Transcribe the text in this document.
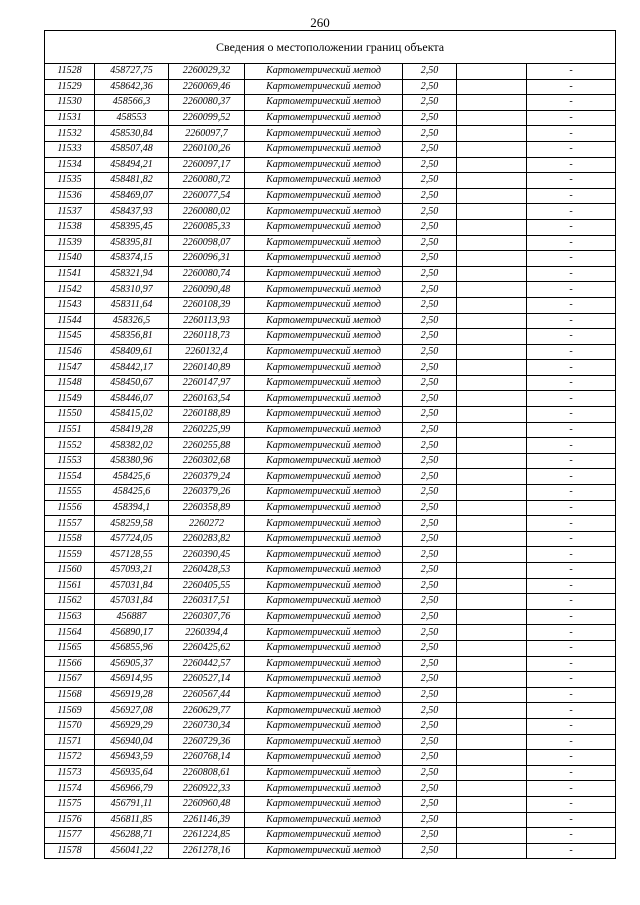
260
Сведения о местоположении границ объекта						
11528	458727,75	2260029,32	Картометрический метод	2,50		-
11529	458642,36	2260069,46	Картометрический метод	2,50		-
11530	458566,3	2260080,37	Картометрический метод	2,50		-
11531	458553	2260099,52	Картометрический метод	2,50		-
11532	458530,84	2260097,7	Картометрический метод	2,50		-
11533	458507,48	2260100,26	Картометрический метод	2,50		-
11534	458494,21	2260097,17	Картометрический метод	2,50		-
11535	458481,82	2260080,72	Картометрический метод	2,50		-
11536	458469,07	2260077,54	Картометрический метод	2,50		-
11537	458437,93	2260080,02	Картометрический метод	2,50		-
11538	458395,45	2260085,33	Картометрический метод	2,50		-
11539	458395,81	2260098,07	Картометрический метод	2,50		-
11540	458374,15	2260096,31	Картометрический метод	2,50		-
11541	458321,94	2260080,74	Картометрический метод	2,50		-
11542	458310,97	2260090,48	Картометрический метод	2,50		-
11543	458311,64	2260108,39	Картометрический метод	2,50		-
11544	458326,5	2260113,93	Картометрический метод	2,50		-
11545	458356,81	2260118,73	Картометрический метод	2,50		-
11546	458409,61	2260132,4	Картометрический метод	2,50		-
11547	458442,17	2260140,89	Картометрический метод	2,50		-
11548	458450,67	2260147,97	Картометрический метод	2,50		-
11549	458446,07	2260163,54	Картометрический метод	2,50		-
11550	458415,02	2260188,89	Картометрический метод	2,50		-
11551	458419,28	2260225,99	Картометрический метод	2,50		-
11552	458382,02	2260255,88	Картометрический метод	2,50		-
11553	458380,96	2260302,68	Картометрический метод	2,50		-
11554	458425,6	2260379,24	Картометрический метод	2,50		-
11555	458425,6	2260379,26	Картометрический метод	2,50		-
11556	458394,1	2260358,89	Картометрический метод	2,50		-
11557	458259,58	2260272	Картометрический метод	2,50		-
11558	457724,05	2260283,82	Картометрический метод	2,50		-
11559	457128,55	2260390,45	Картометрический метод	2,50		-
11560	457093,21	2260428,53	Картометрический метод	2,50		-
11561	457031,84	2260405,55	Картометрический метод	2,50		-
11562	457031,84	2260317,51	Картометрический метод	2,50		-
11563	456887	2260307,76	Картометрический метод	2,50		-
11564	456890,17	2260394,4	Картометрический метод	2,50		-
11565	456855,96	2260425,62	Картометрический метод	2,50		-
11566	456905,37	2260442,57	Картометрический метод	2,50		-
11567	456914,95	2260527,14	Картометрический метод	2,50		-
11568	456919,28	2260567,44	Картометрический метод	2,50		-
11569	456927,08	2260629,77	Картометрический метод	2,50		-
11570	456929,29	2260730,34	Картометрический метод	2,50		-
11571	456940,04	2260729,36	Картометрический метод	2,50		-
11572	456943,59	2260768,14	Картометрический метод	2,50		-
11573	456935,64	2260808,61	Картометрический метод	2,50		-
11574	456966,79	2260922,33	Картометрический метод	2,50		-
11575	456791,11	2260960,48	Картометрический метод	2,50		-
11576	456811,85	2261146,39	Картометрический метод	2,50		-
11577	456288,71	2261224,85	Картометрический метод	2,50		-
11578	456041,22	2261278,16	Картометрический метод	2,50		-
